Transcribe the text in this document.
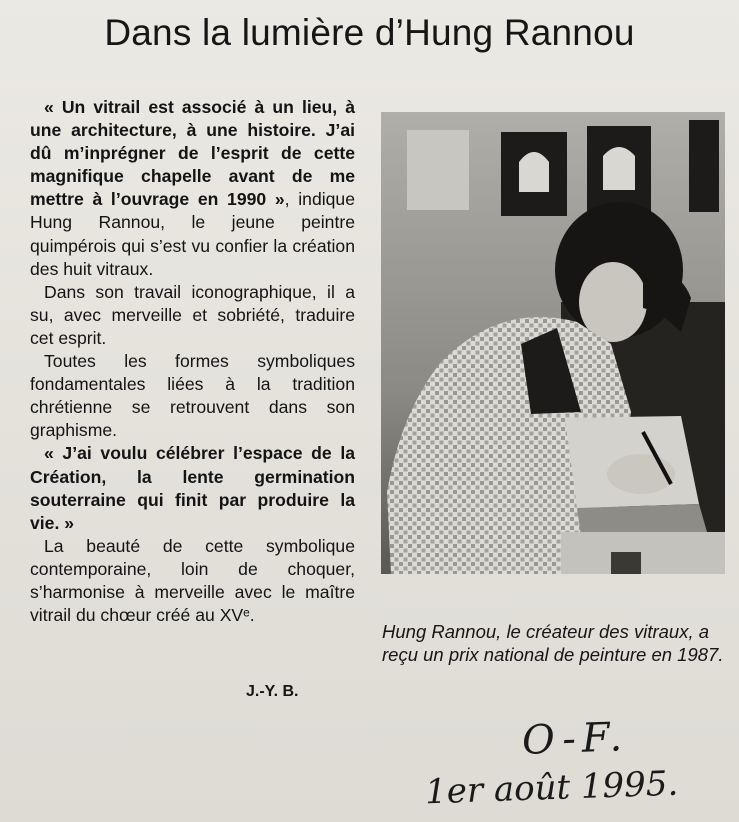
Dans la lumière d’Hung Rannou

« Un vitrail est associé à un lieu, à une architecture, à une histoire. J’ai dû m’inprégner de l’esprit de cette magnifique chapelle avant de me mettre à l’ouvrage en 1990 », indique Hung Rannou, le jeune peintre quimpérois qui s’est vu confier la création des huit vitraux.

Dans son travail iconographique, il a su, avec merveille et sobriété, traduire cet esprit.

Toutes les formes symboliques fondamentales liées à la tradition chrétienne se retrouvent dans son graphisme.

« J’ai voulu célébrer l’espace de la Création, la lente germination souterraine qui finit par produire la vie. »

La beauté de cette symbolique contemporaine, loin de choquer, s’harmonise à merveille avec le maître vitrail du chœur créé au XVᵉ.

J.-Y. B.
Hung Rannou, le créateur des vitraux, a reçu un prix national de peinture en 1987.
O-F.
1er août 1995.
